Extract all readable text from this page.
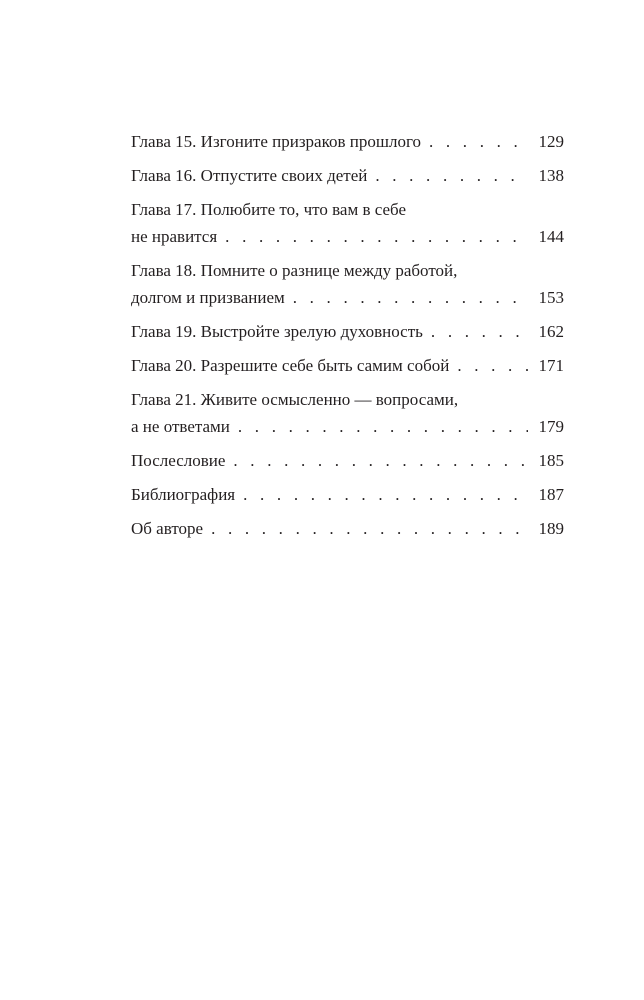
Глава 15. Изгоните призраков прошлого . . .	129
Глава 16. Отпустите своих детей . . .	138
Глава 17. Полюбите то, что вам в себе
не нравится . . .	144
Глава 18. Помните о разнице между работой,
долгом и призванием . . .	153
Глава 19. Выстройте зрелую духовность . . .	162
Глава 20. Разрешите себе быть самим собой . . .	171
Глава 21. Живите осмысленно — вопросами,
а не ответами . . .	179
Послесловие . . .	185
Библиография . . .	187
Об авторе . . .	189
